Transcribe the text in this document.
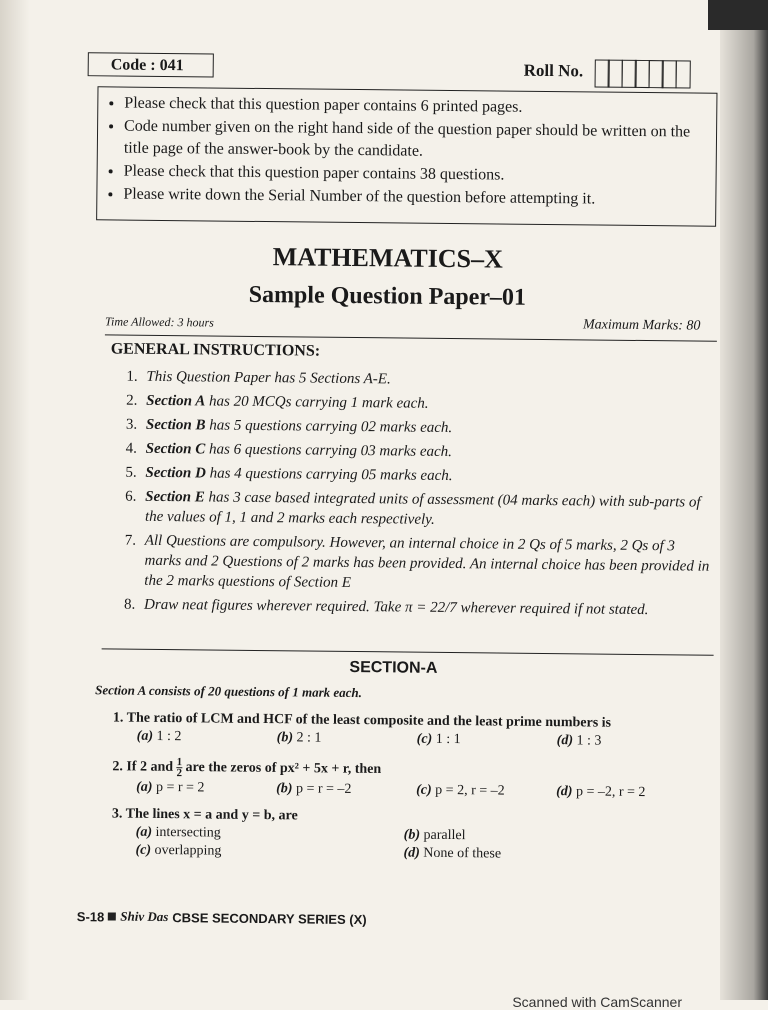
Code : 041	Roll No.
• Please check that this question paper contains 6 printed pages.
• Code number given on the right hand side of the question paper should be written on the title page of the answer-book by the candidate.
• Please check that this question paper contains 38 questions.
• Please write down the Serial Number of the question before attempting it.
MATHEMATICS–X
Sample Question Paper–01
Time Allowed: 3 hours	Maximum Marks: 80
GENERAL INSTRUCTIONS:
1. This Question Paper has 5 Sections A-E.
2. Section A has 20 MCQs carrying 1 mark each.
3. Section B has 5 questions carrying 02 marks each.
4. Section C has 6 questions carrying 03 marks each.
5. Section D has 4 questions carrying 05 marks each.
6. Section E has 3 case based integrated units of assessment (04 marks each) with sub-parts of the values of 1, 1 and 2 marks each respectively.
7. All Questions are compulsory. However, an internal choice in 2 Qs of 5 marks, 2 Qs of 3 marks and 2 Questions of 2 marks has been provided. An internal choice has been provided in the 2 marks questions of Section E
8. Draw neat figures wherever required. Take π = 22/7 wherever required if not stated.
SECTION-A
Section A consists of 20 questions of 1 mark each.
1. The ratio of LCM and HCF of the least composite and the least prime numbers is
(a) 1 : 2	(b) 2 : 1	(c) 1 : 1	(d) 1 : 3
2. If 2 and $\frac{1}{2}$ are the zeros of px² + 5x + r, then
(a) p = r = 2	(b) p = r = –2	(c) p = 2, r = –2	(d) p = –2, r = 2
3. The lines x = a and y = b, are
(a) intersecting	(b) parallel
(c) overlapping	(d) None of these
S-18 Shiv Das CBSE SECONDARY SERIES (X)
Scanned with CamScanner
